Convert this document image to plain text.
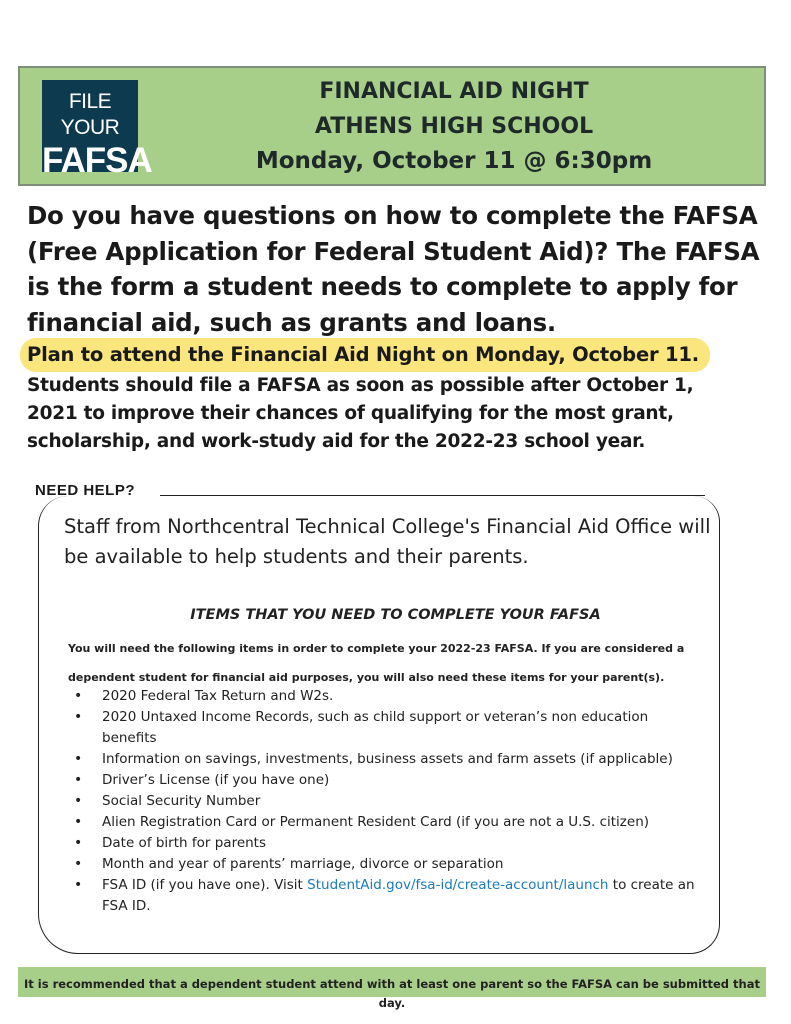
FILE YOUR
FAFSA
FINANCIAL AID NIGHT
ATHENS HIGH SCHOOL
Monday, October 11 @ 6:30pm
Do you have questions on how to complete the FAFSA (Free Application for Federal Student Aid)? The FAFSA is the form a student needs to complete to apply for financial aid, such as grants and loans.
Plan to attend the Financial Aid Night on Monday, October 11.
Students should file a FAFSA as soon as possible after October 1, 2021 to improve their chances of qualifying for the most grant, scholarship, and work-study aid for the 2022-23 school year.
NEED HELP?
Staff from Northcentral Technical College's Financial Aid Office will be available to help students and their parents.
ITEMS THAT YOU NEED TO COMPLETE YOUR FAFSA
You will need the following items in order to complete your 2022-23 FAFSA. If you are considered a dependent student for financial aid purposes, you will also need these items for your parent(s).
• 2020 Federal Tax Return and W2s.
• 2020 Untaxed Income Records, such as child support or veteran’s non education benefits
• Information on savings, investments, business assets and farm assets (if applicable)
• Driver’s License (if you have one)
• Social Security Number
• Alien Registration Card or Permanent Resident Card (if you are not a U.S. citizen)
• Date of birth for parents
• Month and year of parents’ marriage, divorce or separation
• FSA ID (if you have one). Visit StudentAid.gov/fsa-id/create-account/launch to create an FSA ID.
It is recommended that a dependent student attend with at least one parent so the FAFSA can be submitted that day.
